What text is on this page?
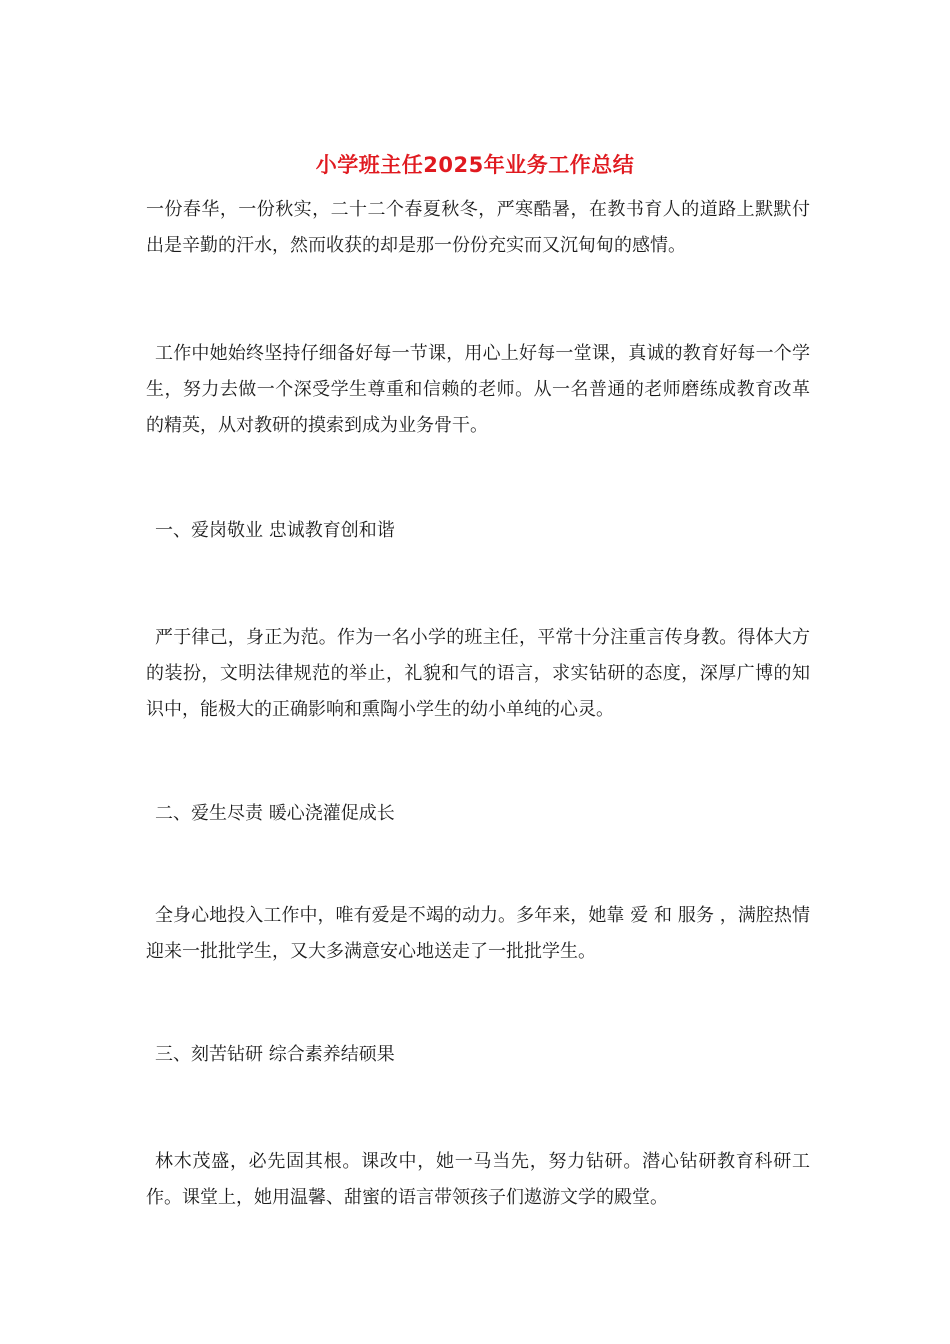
小学班主任2025年业务工作总结

一份春华，一份秋实，二十二个春夏秋冬，严寒酷暑，在教书育人的道路上默默付出是辛勤的汗水，然而收获的却是那一份份充实而又沉甸甸的感情。

工作中她始终坚持仔细备好每一节课，用心上好每一堂课，真诚的教育好每一个学生，努力去做一个深受学生尊重和信赖的老师。从一名普通的老师磨练成教育改革的精英，从对教研的摸索到成为业务骨干。

一、爱岗敬业 忠诚教育创和谐

严于律己，身正为范。作为一名小学的班主任，平常十分注重言传身教。得体大方的装扮，文明法律规范的举止，礼貌和气的语言，求实钻研的态度，深厚广博的知识中，能极大的正确影响和熏陶小学生的幼小单纯的心灵。

二、爱生尽责 暖心浇灌促成长

全身心地投入工作中，唯有爱是不竭的动力。多年来，她靠 爱 和 服务 ，满腔热情迎来一批批学生，又大多满意安心地送走了一批批学生。

三、刻苦钻研 综合素养结硕果

林木茂盛，必先固其根。课改中，她一马当先，努力钻研。潜心钻研教育科研工作。课堂上，她用温馨、甜蜜的语言带领孩子们遨游文学的殿堂。
